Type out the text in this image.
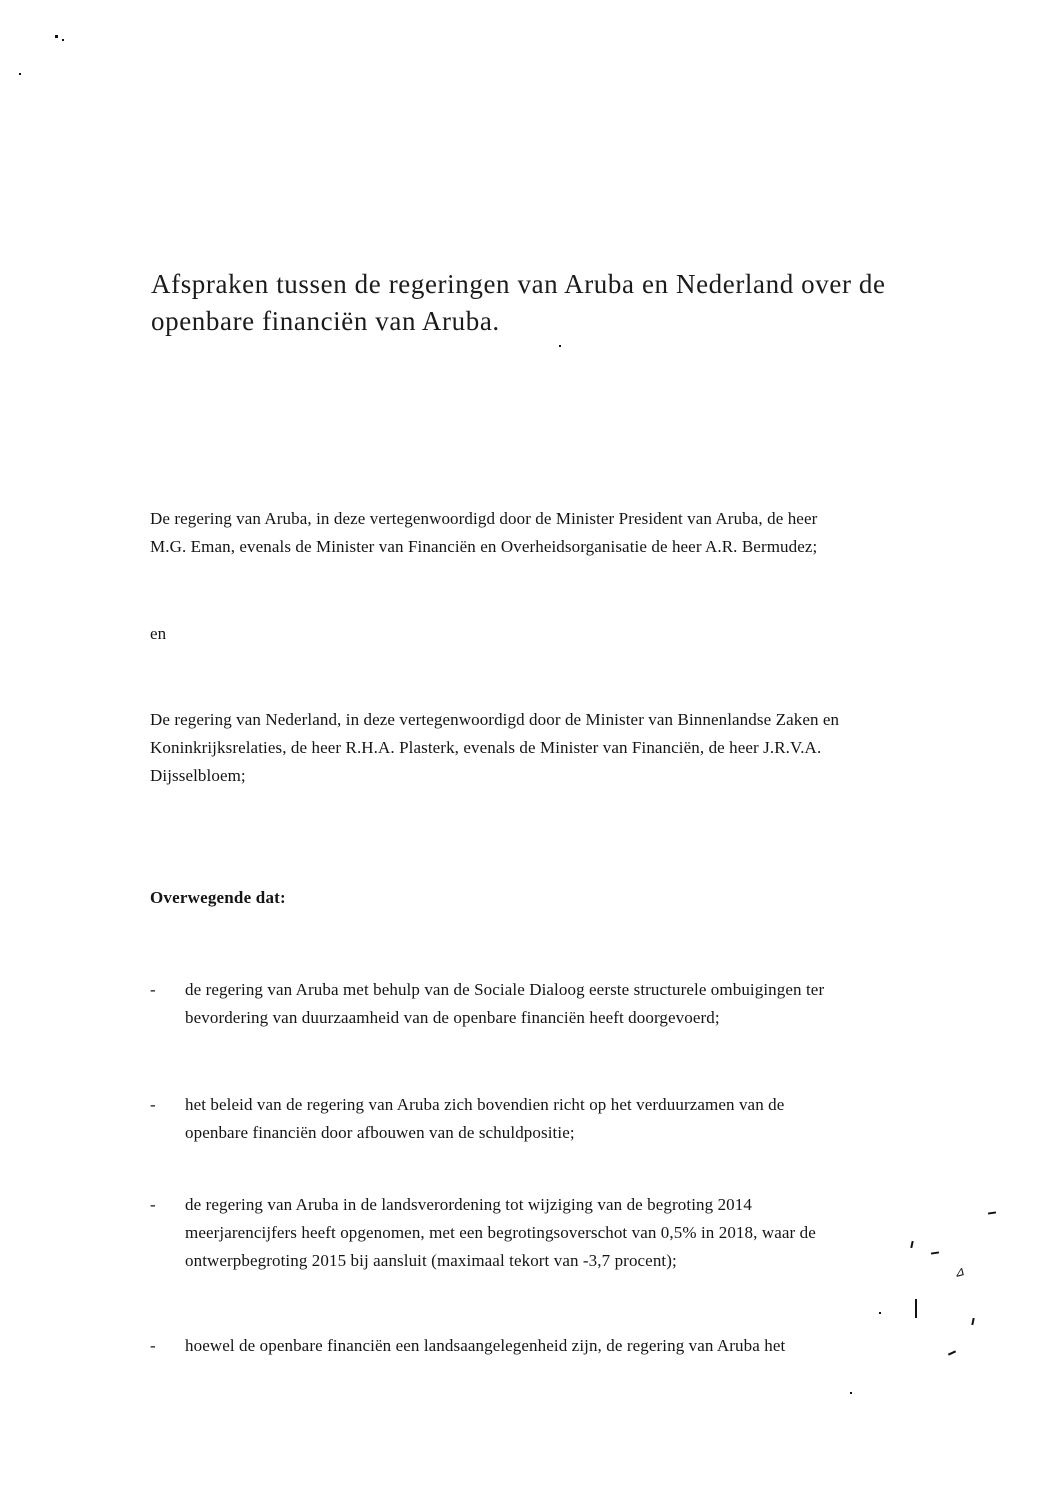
Afspraken tussen de regeringen van Aruba en Nederland over de
openbare financiën van Aruba.

De regering van Aruba, in deze vertegenwoordigd door de Minister President van Aruba, de heer
M.G. Eman, evenals de Minister van Financiën en Overheidsorganisatie de heer A.R. Bermudez;

en

De regering van Nederland, in deze vertegenwoordigd door de Minister van Binnenlandse Zaken en
Koninkrijksrelaties, de heer R.H.A. Plasterk, evenals de Minister van Financiën, de heer J.R.V.A.
Dijsselbloem;

Overwegende dat:

-	de regering van Aruba met behulp van de Sociale Dialoog eerste structurele ombuigingen ter
bevordering van duurzaamheid van de openbare financiën heeft doorgevoerd;
-	het beleid van de regering van Aruba zich bovendien richt op het verduurzamen van de
openbare financiën door afbouwen van de schuldpositie;
-	de regering van Aruba in de landsverordening tot wijziging van de begroting 2014
meerjarencijfers heeft opgenomen, met een begrotingsoverschot van 0,5% in 2018, waar de
ontwerpbegroting 2015 bij aansluit (maximaal tekort van -3,7 procent);
-	hoewel de openbare financiën een landsaangelegenheid zijn, de regering van Aruba het
⊿
